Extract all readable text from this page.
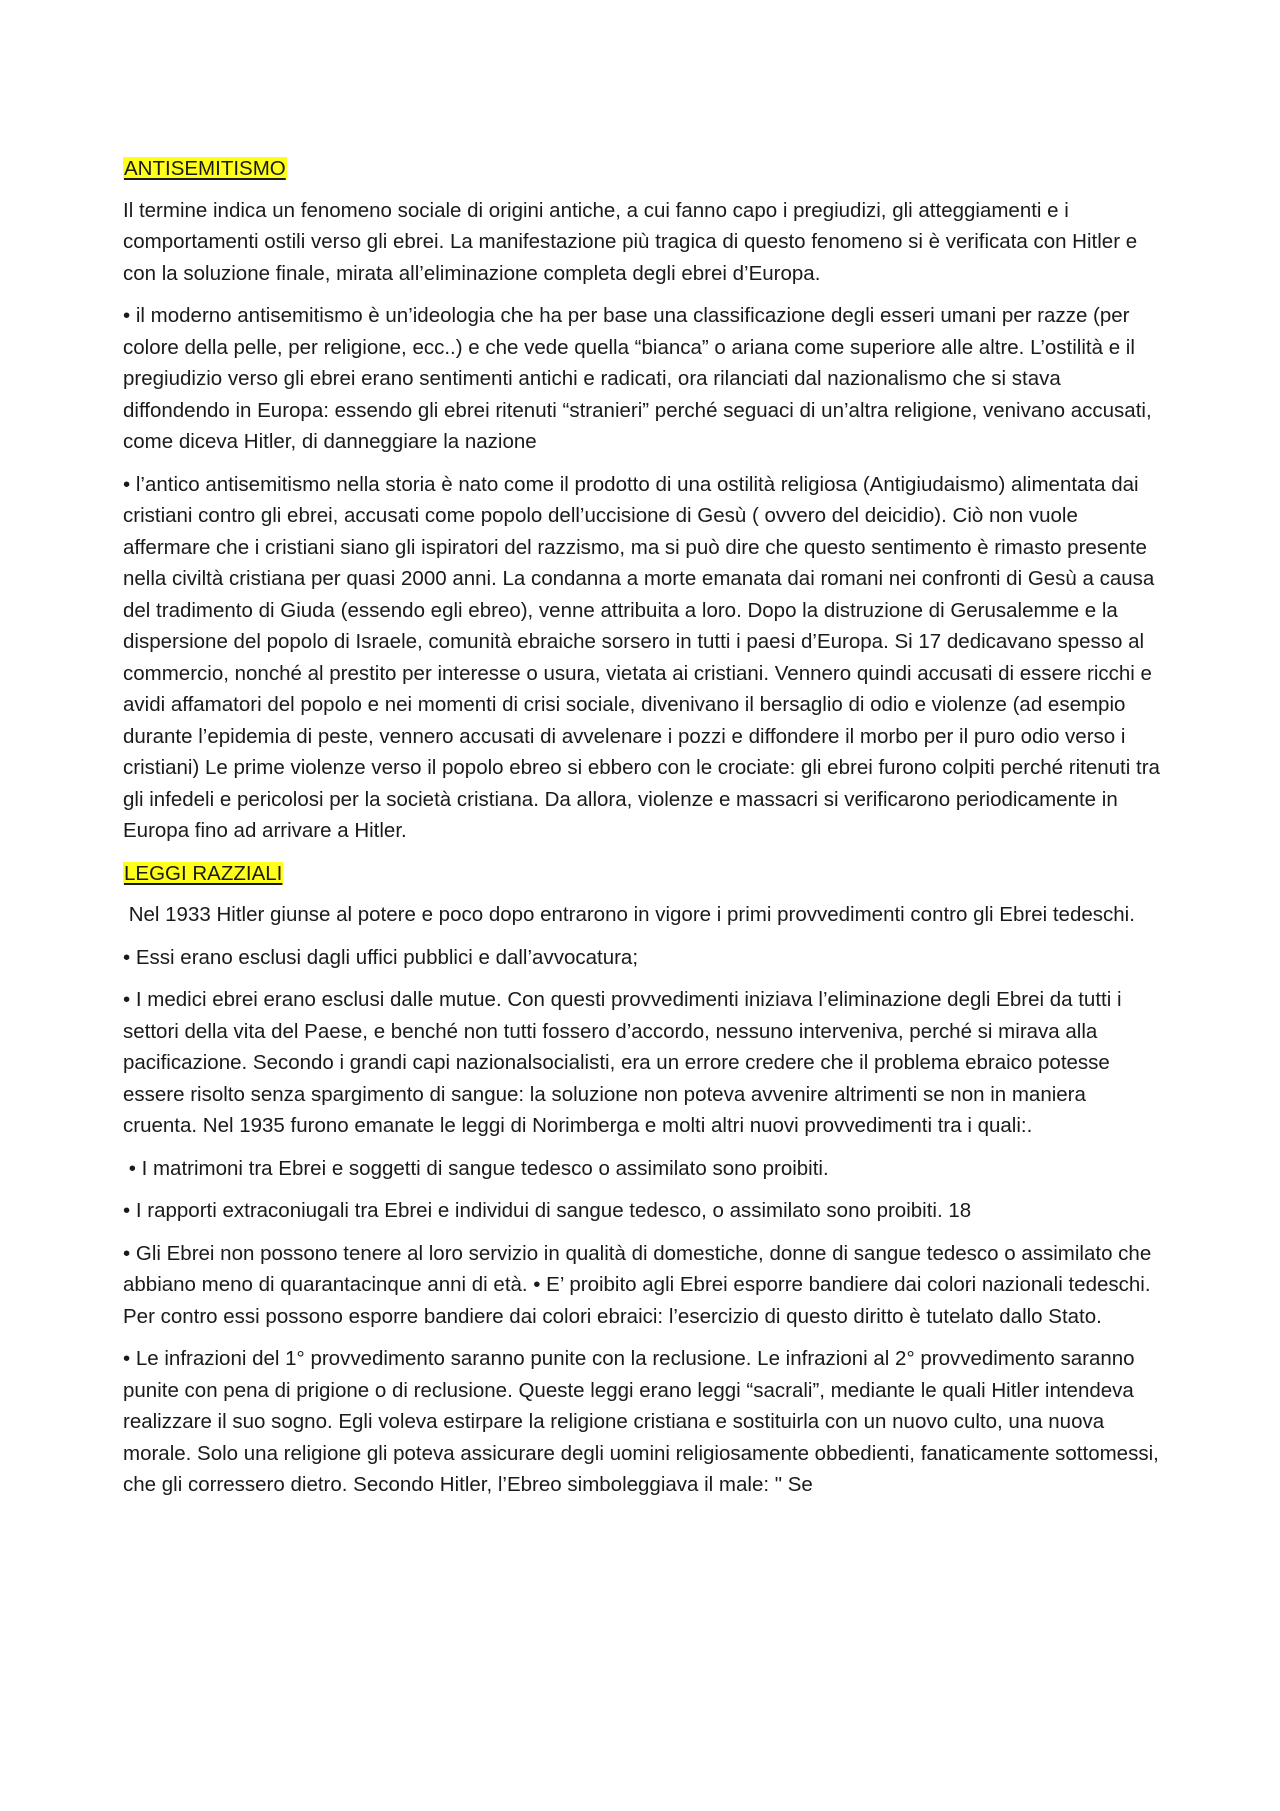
ANTISEMITISMO

Il termine indica un fenomeno sociale di origini antiche, a cui fanno capo i pregiudizi, gli atteggiamenti e i comportamenti ostili verso gli ebrei. La manifestazione più tragica di questo fenomeno si è verificata con Hitler e con la soluzione finale, mirata all’eliminazione completa degli ebrei d’Europa.

• il moderno antisemitismo è un’ideologia che ha per base una classificazione degli esseri umani per razze (per colore della pelle, per religione, ecc..) e che vede quella “bianca” o ariana come superiore alle altre. L’ostilità e il pregiudizio verso gli ebrei erano sentimenti antichi e radicati, ora rilanciati dal nazionalismo che si stava diffondendo in Europa: essendo gli ebrei ritenuti “stranieri” perché seguaci di un’altra religione, venivano accusati, come diceva Hitler, di danneggiare la nazione

• l’antico antisemitismo nella storia è nato come il prodotto di una ostilità religiosa (Antigiudaismo) alimentata dai cristiani contro gli ebrei, accusati come popolo dell’uccisione di Gesù ( ovvero del deicidio). Ciò non vuole affermare che i cristiani siano gli ispiratori del razzismo, ma si può dire che questo sentimento è rimasto presente nella civiltà cristiana per quasi 2000 anni. La condanna a morte emanata dai romani nei confronti di Gesù a causa del tradimento di Giuda (essendo egli ebreo), venne attribuita a loro. Dopo la distruzione di Gerusalemme e la dispersione del popolo di Israele, comunità ebraiche sorsero in tutti i paesi d’Europa. Si 17 dedicavano spesso al commercio, nonché al prestito per interesse o usura, vietata ai cristiani. Vennero quindi accusati di essere ricchi e avidi affamatori del popolo e nei momenti di crisi sociale, divenivano il bersaglio di odio e violenze (ad esempio durante l’epidemia di peste, vennero accusati di avvelenare i pozzi e diffondere il morbo per il puro odio verso i cristiani) Le prime violenze verso il popolo ebreo si ebbero con le crociate: gli ebrei furono colpiti perché ritenuti tra gli infedeli e pericolosi per la società cristiana. Da allora, violenze e massacri si verificarono periodicamente in Europa fino ad arrivare a Hitler.

LEGGI RAZZIALI

Nel 1933 Hitler giunse al potere e poco dopo entrarono in vigore i primi provvedimenti contro gli Ebrei tedeschi.

• Essi erano esclusi dagli uffici pubblici e dall’avvocatura;

• I medici ebrei erano esclusi dalle mutue. Con questi provvedimenti iniziava l’eliminazione degli Ebrei da tutti i settori della vita del Paese, e benché non tutti fossero d’accordo, nessuno interveniva, perché si mirava alla pacificazione. Secondo i grandi capi nazionalsocialisti, era un errore credere che il problema ebraico potesse essere risolto senza spargimento di sangue: la soluzione non poteva avvenire altrimenti se non in maniera cruenta. Nel 1935 furono emanate le leggi di Norimberga e molti altri nuovi provvedimenti tra i quali:.

• I matrimoni tra Ebrei e soggetti di sangue tedesco o assimilato sono proibiti.

• I rapporti extraconiugali tra Ebrei e individui di sangue tedesco, o assimilato sono proibiti. 18

• Gli Ebrei non possono tenere al loro servizio in qualità di domestiche, donne di sangue tedesco o assimilato che abbiano meno di quarantacinque anni di età. • E’ proibito agli Ebrei esporre bandiere dai colori nazionali tedeschi. Per contro essi possono esporre bandiere dai colori ebraici: l’esercizio di questo diritto è tutelato dallo Stato.

• Le infrazioni del 1° provvedimento saranno punite con la reclusione. Le infrazioni al 2° provvedimento saranno punite con pena di prigione o di reclusione. Queste leggi erano leggi “sacrali”, mediante le quali Hitler intendeva realizzare il suo sogno. Egli voleva estirpare la religione cristiana e sostituirla con un nuovo culto, una nuova morale. Solo una religione gli poteva assicurare degli uomini religiosamente obbedienti, fanaticamente sottomessi, che gli corressero dietro. Secondo Hitler, l’Ebreo simboleggiava il male: " Se
